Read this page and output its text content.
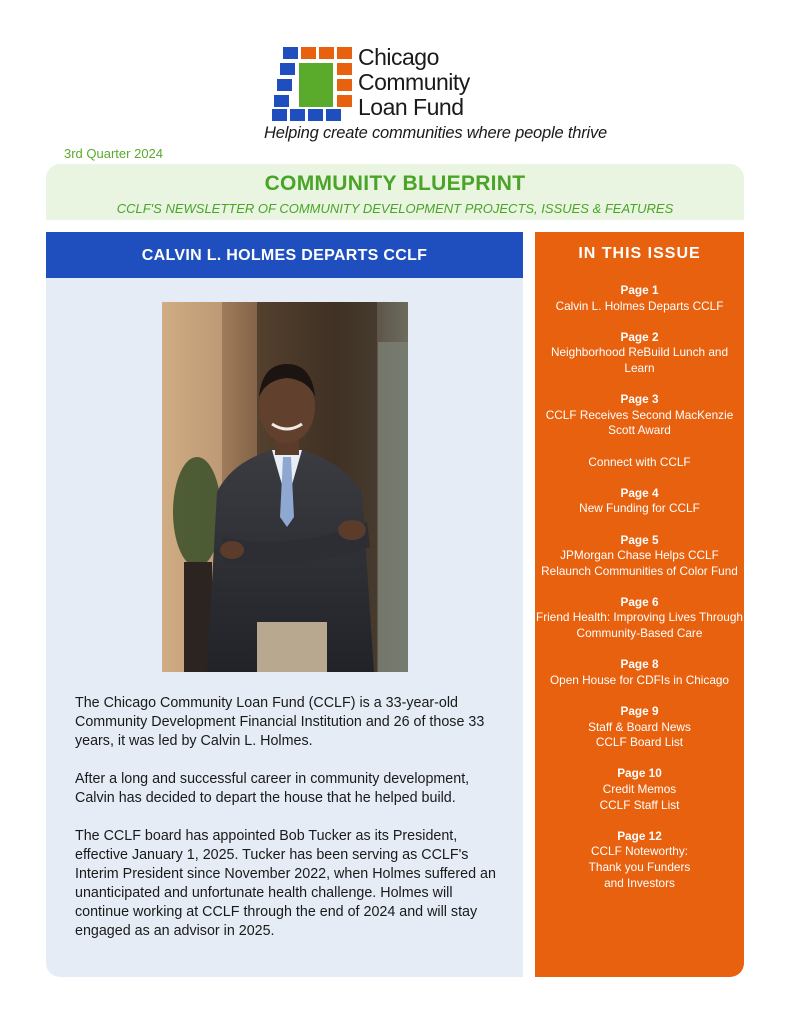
Chicago
Community
Loan Fund
Helping create communities where people thrive
3rd Quarter 2024
COMMUNITY BLUEPRINT
CCLF'S NEWSLETTER OF COMMUNITY DEVELOPMENT PROJECTS, ISSUES & FEATURES
CALVIN L. HOLMES DEPARTS CCLF

The Chicago Community Loan Fund (CCLF) is a 33-year-old Community Development Financial Institution and 26 of those 33 years, it was led by Calvin L. Holmes.

After a long and successful career in community development, Calvin has decided to depart the house that he helped build.

The CCLF board has appointed Bob Tucker as its President, effective January 1, 2025. Tucker has been serving as CCLF's Interim President since November 2022, when Holmes suffered an unanticipated and unfortunate health challenge. Holmes will continue working at CCLF through the end of 2024 and will stay engaged as an advisor in 2025.

IN THIS ISSUE
Page 1
Calvin L. Holmes Departs CCLF
Page 2
Neighborhood ReBuild Lunch and Learn
Page 3
CCLF Receives Second MacKenzie Scott Award
Connect with CCLF
Page 4
New Funding for CCLF
Page 5
JPMorgan Chase Helps CCLF Relaunch Communities of Color Fund
Page 6
Friend Health: Improving Lives Through Community-Based Care
Page 8
Open House for CDFIs in Chicago
Page 9
Staff & Board News
CCLF Board List
Page 10
Credit Memos
CCLF Staff List
Page 12
CCLF Noteworthy:
Thank you Funders
and Investors
